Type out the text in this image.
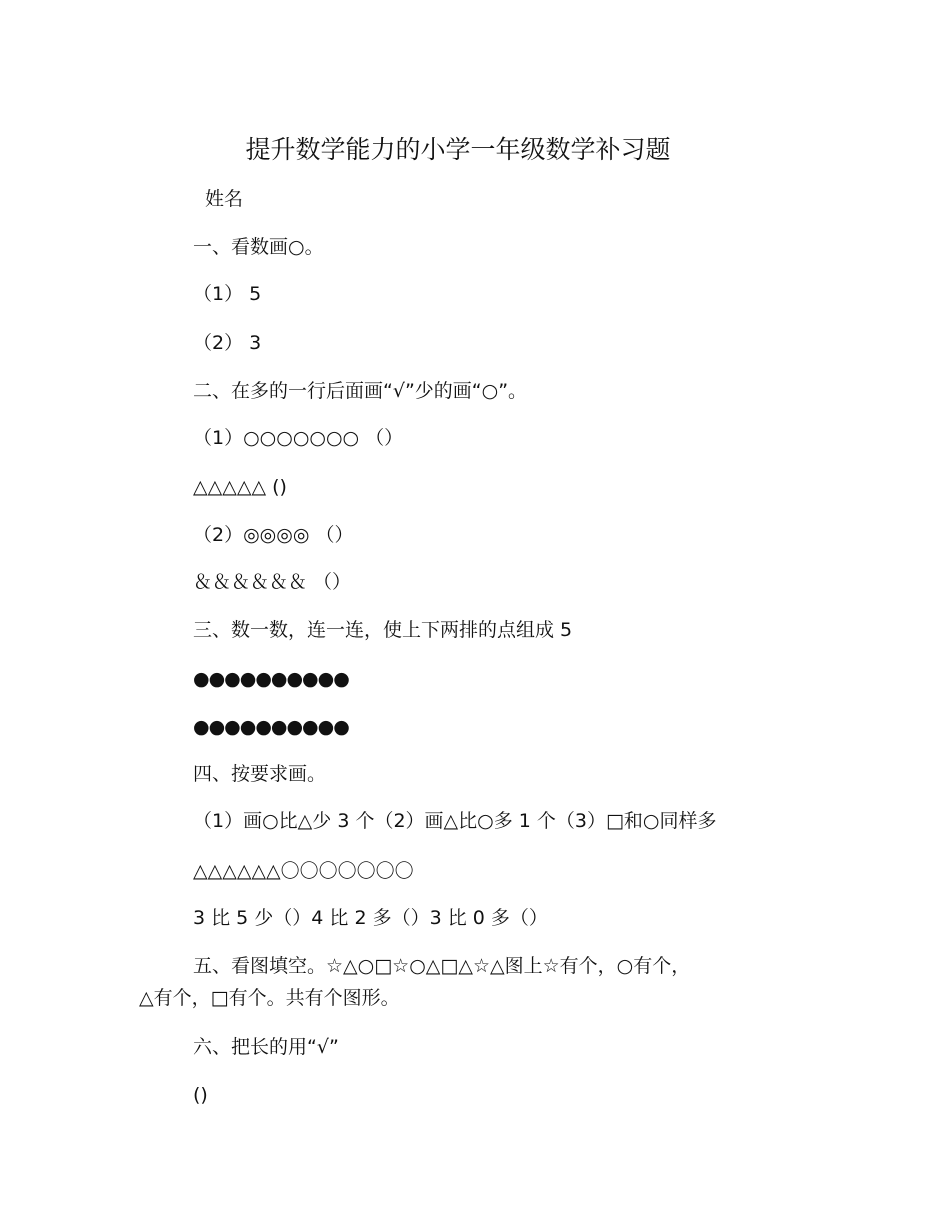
提升数学能力的小学一年级数学补习题
姓名
一、看数画○。
（1） 5
（2） 3
二、在多的一行后面画“√”少的画“○”。
（1）○○○○○○○ （）
△△△△△ ()
（2）◎◎◎◎ （）
＆＆＆＆＆＆ （）
三、数一数，连一连，使上下两排的点组成 5
●●●●●●●●●●
●●●●●●●●●●
四、按要求画。
（1）画○比△少 3 个（2）画△比○多 1 个（3）□和○同样多
△△△△△△〇〇〇〇〇〇〇
3 比 5 少（）4 比 2 多（）3 比 0 多（）
五、看图填空。☆△○□☆○△□△☆△图上☆有个，○有个，
△有个，□有个。共有个图形。
六、把长的用“√”
()
